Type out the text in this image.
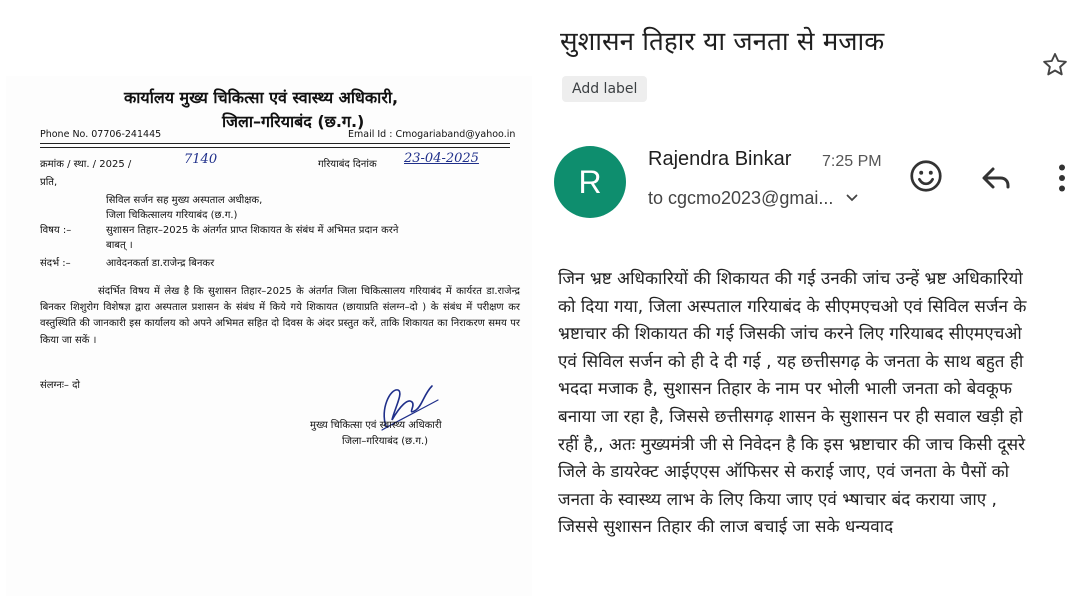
कार्यालय मुख्य चिकित्सा एवं स्वास्थ्य अधिकारी,
जिला–गरियाबंद (छ.ग.)
Phone No. 07706-241445	Email Id : Cmogariaband@yahoo.in
क्रमांक / स्था. / 2025 /	7140	गरियाबंद दिनांक 23-04-2025
प्रति,
सिविल सर्जन सह मुख्य अस्पताल अधीक्षक,
जिला चिकित्सालय गरियाबंद (छ.ग.)
विषय :–	सुशासन तिहार–2025 के अंतर्गत प्राप्त शिकायत के संबंध में अभिमत प्रदान करने
बाबत् ।
संदर्भ :–	आवेदनकर्ता डा.राजेन्द्र बिनकर
संदर्भित विषय में लेख है कि सुशासन तिहार–2025 के अंतर्गत जिला चिकित्सालय गरियाबंद में कार्यरत डा.राजेन्द्र बिनकर शिशुरोग विशेषज्ञ द्वारा अस्पताल प्रशासन के संबंध में किये गये शिकायत (छायाप्रति संलग्न–दो ) के संबंध में परीक्षण कर वस्तुस्थिति की जानकारी इस कार्यालय को अपने अभिमत सहित दो दिवस के अंदर प्रस्तुत करें, ताकि शिकायत का निराकरण समय पर किया जा सकें ।
संलग्नः– दो
मुख्य चिकित्सा एवं स्वास्थ्य अधिकारी
जिला–गरियाबंद (छ.ग.)
सुशासन तिहार या जनता से मजाक
Add label
R
Rajendra Binkar 7:25 PM
to cgcmo2023@gmai...
जिन भ्रष्ट अधिकारियों की शिकायत की गई उनकी जांच उन्हें भ्रष्ट अधिकारियो को दिया गया, जिला अस्पताल गरियाबंद के सीएमएचओ एवं सिविल सर्जन के भ्रष्टाचार की शिकायत की गई जिसकी जांच करने लिए गरियाबद सीएमएचओ एवं सिविल सर्जन को ही दे दी गई , यह छत्तीसगढ़ के जनता के साथ बहुत ही भददा मजाक है, सुशासन तिहार के नाम पर भोली भाली जनता को बेवकूफ बनाया जा रहा है, जिससे छत्तीसगढ़ शासन के सुशासन पर ही सवाल खड़ी हो रहीं है,, अतः मुख्यमंत्री जी से निवेदन है कि इस भ्रष्टाचार की जाच किसी दूसरे जिले के डायरेक्ट आईएएस ऑफिसर से कराई जाए, एवं जनता के पैसों को जनता के स्वास्थ्य लाभ के लिए किया जाए एवं भ्षाचार बंद कराया जाए , जिससे सुशासन तिहार की लाज बचाई जा सके धन्यवाद
